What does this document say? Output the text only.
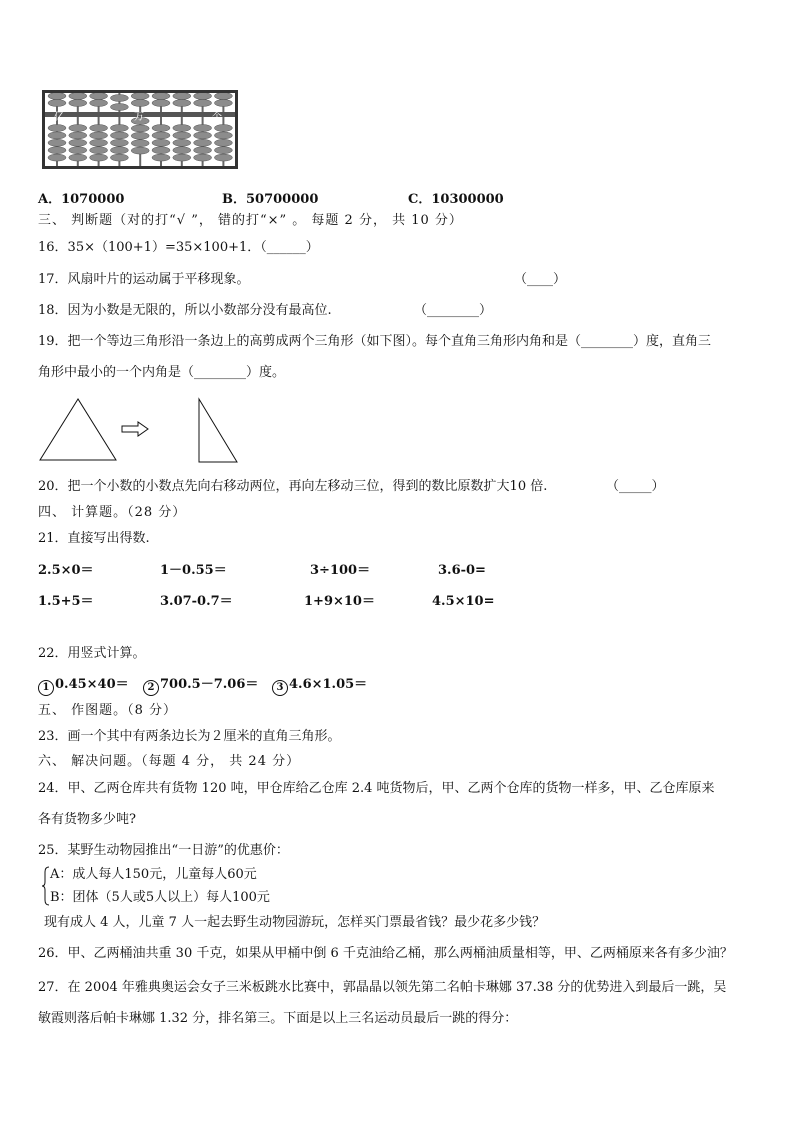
亿	万	个
A．1070000	B．50700000	C．10300000
三、 判断题（对的打“√ ”， 错的打“×” 。 每题 2 分， 共 10 分）
16．35×（100+1）=35×100+1．（______）
17．风扇叶片的运动属于平移现象。	（____）
18．因为小数是无限的，所以小数部分没有最高位.	（________）
19．把一个等边三角形沿一条边上的高剪成两个三角形（如下图）。每个直角三角形内角和是（________）度，直角三
角形中最小的一个内角是（________）度。
20．把一个小数的小数点先向右移动两位，再向左移动三位，得到的数比原数扩大10 倍.	（_____）
四、 计算题。（28 分）
21．直接写出得数.
2.5×0＝	1－0.55＝	3÷100＝	3.6-0=
1.5+5＝	3.07-0.7＝	1+9×10＝	4.5×10=
22．用竖式计算。
1 0.45×40＝	2 700.5－7.06＝	3 4.6×1.05＝
五、 作图题。（8 分）
23．画一个其中有两条边长为２厘米的直角三角形。
六、 解决问题。（每题 4 分， 共 24 分）
24．甲、乙两仓库共有货物 120 吨，甲仓库给乙仓库 2.4 吨货物后，甲、乙两个仓库的货物一样多，甲、乙仓库原来
各有货物多少吨?
25．某野生动物园推出“一日游”的优惠价：
A：成人每人150元，儿童每人60元
B：团体（5人或5人以上）每人100元
现有成人 4 人，儿童 7 人一起去野生动物园游玩，怎样买门票最省钱？最少花多少钱？
26．甲、乙两桶油共重 30 千克，如果从甲桶中倒 6 千克油给乙桶，那么两桶油质量相等，甲、乙两桶原来各有多少油？
27．在 2004 年雅典奥运会女子三米板跳水比赛中，郭晶晶以领先第二名帕卡琳娜 37.38 分的优势进入到最后一跳，吴
敏霞则落后帕卡琳娜 1.32 分，排名第三。下面是以上三名运动员最后一跳的得分：
